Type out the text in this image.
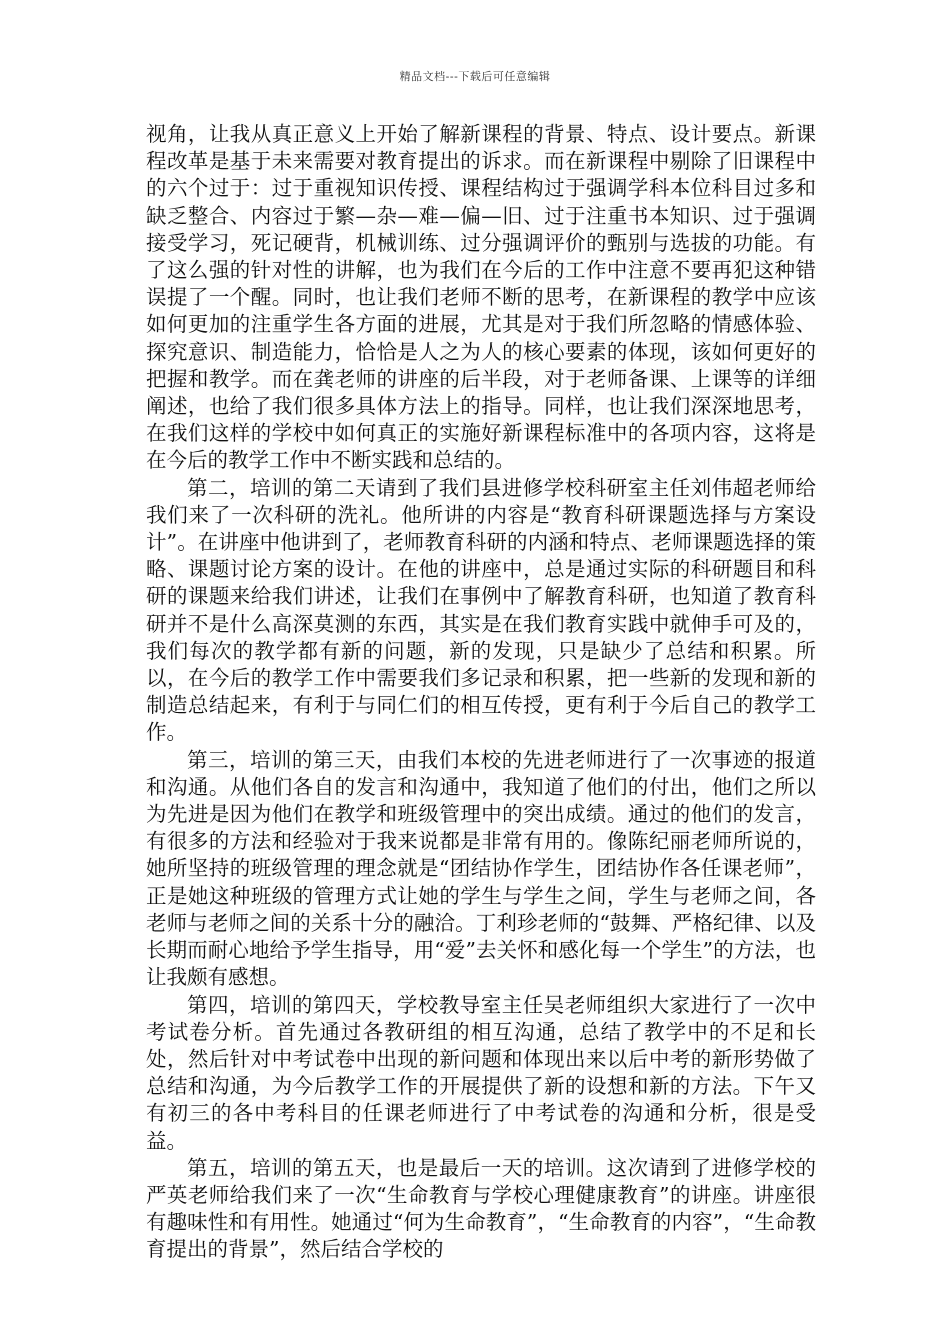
精品文档---下载后可任意编辑

视角，让我从真正意义上开始了解新课程的背景、特点、设计要点。新课程改革是基于未来需要对教育提出的诉求。而在新课程中剔除了旧课程中的六个过于：过于重视知识传授、课程结构过于强调学科本位科目过多和缺乏整合、内容过于繁—杂—难—偏—旧、过于注重书本知识、过于强调接受学习，死记硬背，机械训练、过分强调评价的甄别与选拔的功能。有了这么强的针对性的讲解，也为我们在今后的工作中注意不要再犯这种错误提了一个醒。同时，也让我们老师不断的思考，在新课程的教学中应该如何更加的注重学生各方面的进展，尤其是对于我们所忽略的情感体验、探究意识、制造能力，恰恰是人之为人的核心要素的体现，该如何更好的把握和教学。而在龚老师的讲座的后半段，对于老师备课、上课等的详细阐述，也给了我们很多具体方法上的指导。同样，也让我们深深地思考，在我们这样的学校中如何真正的实施好新课程标准中的各项内容，这将是在今后的教学工作中不断实践和总结的。

第二，培训的第二天请到了我们县进修学校科研室主任刘伟超老师给我们来了一次科研的洗礼。他所讲的内容是“教育科研课题选择与方案设计”。在讲座中他讲到了，老师教育科研的内涵和特点、老师课题选择的策略、课题讨论方案的设计。在他的讲座中，总是通过实际的科研题目和科研的课题来给我们讲述，让我们在事例中了解教育科研，也知道了教育科研并不是什么高深莫测的东西，其实是在我们教育实践中就伸手可及的，我们每次的教学都有新的问题，新的发现，只是缺少了总结和积累。所以，在今后的教学工作中需要我们多记录和积累，把一些新的发现和新的制造总结起来，有利于与同仁们的相互传授，更有利于今后自己的教学工作。

第三，培训的第三天，由我们本校的先进老师进行了一次事迹的报道和沟通。从他们各自的发言和沟通中，我知道了他们的付出，他们之所以为先进是因为他们在教学和班级管理中的突出成绩。通过的他们的发言，有很多的方法和经验对于我来说都是非常有用的。像陈纪丽老师所说的，她所坚持的班级管理的理念就是“团结协作学生，团结协作各任课老师”，正是她这种班级的管理方式让她的学生与学生之间，学生与老师之间，各老师与老师之间的关系十分的融洽。丁利珍老师的“鼓舞、严格纪律、以及长期而耐心地给予学生指导，用“爱”去关怀和感化每一个学生”的方法，也让我颇有感想。

第四，培训的第四天，学校教导室主任吴老师组织大家进行了一次中考试卷分析。首先通过各教研组的相互沟通，总结了教学中的不足和长处，然后针对中考试卷中出现的新问题和体现出来以后中考的新形势做了总结和沟通，为今后教学工作的开展提供了新的设想和新的方法。下午又有初三的各中考科目的任课老师进行了中考试卷的沟通和分析，很是受益。

第五，培训的第五天，也是最后一天的培训。这次请到了进修学校的严英老师给我们来了一次“生命教育与学校心理健康教育”的讲座。讲座很有趣味性和有用性。她通过“何为生命教育”，“生命教育的内容”，“生命教育提出的背景”，然后结合学校的
